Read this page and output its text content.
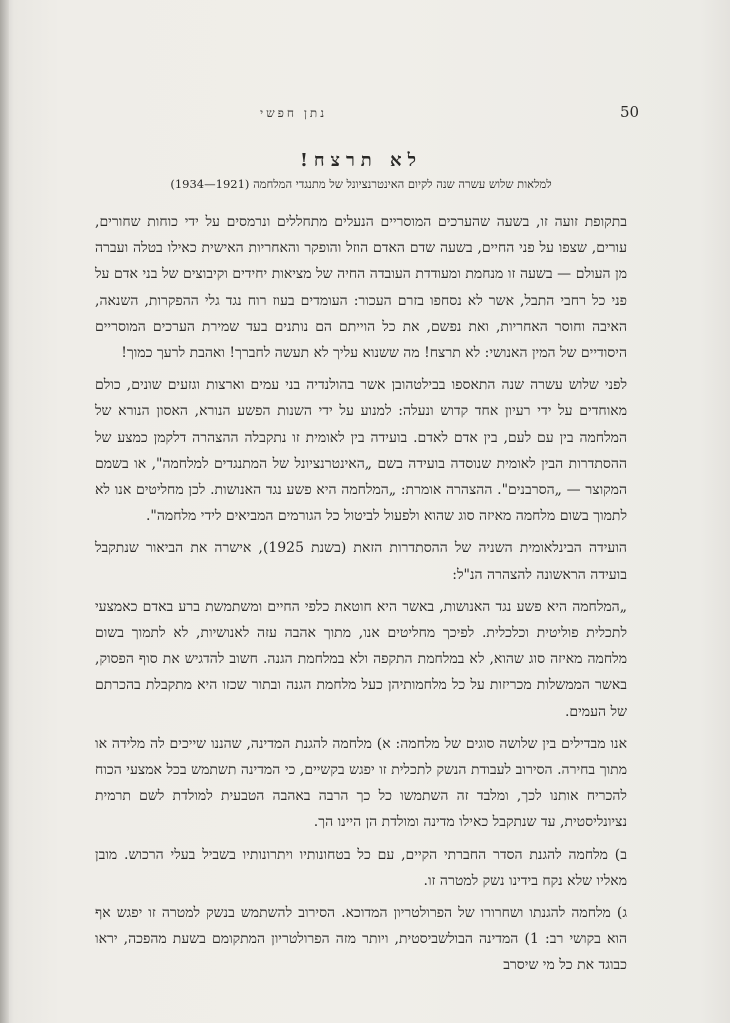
50
נתן חפשי
לא תרצח!
למלאות שלוש עשרה שנה לקיום האינטרנציונל של מתנגדי המלחמה (1921—1934)

בתקופת זועה זו, בשעה שהערכים המוסריים הנעלים מתחללים ונרמסים על ידי כוחות שחורים, עורים, שצפו על פני החיים, בשעה שדם האדם הוזל והופקר והאחריות האישית כאילו בטלה ועברה מן העולם — בשעה זו מנחמת ומעודדת העובדה החיה של מציאות יחידים וקיבוצים של בני אדם על פני כל רחבי התבל, אשר לא נסחפו בזרם העכור: העומדים בעוז רוח נגד גלי ההפקרות, השנאה, האיבה וחוסר האחריות, ואת נפשם, את כל הוייתם הם נותנים בעד שמירת הערכים המוסריים היסודיים של המין האנושי: לא תרצח! מה ששנוא עליך לא תעשה לחברך! ואהבת לרעך כמוך!

לפני שלוש עשרה שנה התאספו בבילטהובן אשר בהולנדיה בני עמים וארצות וגזעים שונים, כולם מאוחדים על ידי רעיון אחד קדוש ונעלה: למנוע על ידי השנות הפשע הנורא, האסון הנורא של המלחמה בין עם לעם, בין אדם לאדם. בועידה בין לאומית זו נתקבלה ההצהרה דלקמן כמצע של ההסתדרות הבין לאומית שנוסדה בועידה בשם „האינטרנציונל של המתנגדים למלחמה", או בשמם המקוצר — „הסרבנים". ההצהרה אומרת: „המלחמה היא פשע נגד האנושות. לכן מחליטים אנו לא לתמוך בשום מלחמה מאיזה סוג שהוא ולפעול לביטול כל הגורמים המביאים לידי מלחמה".

הועידה הבינלאומית השניה של ההסתדרות הזאת (בשנת 1925), אישרה את הביאור שנתקבל בועידה הראשונה להצהרה הנ"ל:

„המלחמה היא פשע נגד האנושות, באשר היא חוטאת כלפי החיים ומשתמשת ברע באדם כאמצעי לתכלית פוליטית וכלכלית. לפיכך מחליטים אנו, מתוך אהבה עזה לאנושיות, לא לתמוך בשום מלחמה מאיזה סוג שהוא, לא במלחמת התקפה ולא במלחמת הגנה. חשוב להדגיש את סוף הפסוק, באשר הממשלות מכריזות על כל מלחמותיהן כעל מלחמת הגנה ובתור שכזו היא מתקבלת בהכרתם של העמים.

אנו מבדילים בין שלושה סוגים של מלחמה: א) מלחמה להגנת המדינה, שהננו שייכים לה מלידה או מתוך בחירה. הסירוב לעבודת הנשק לתכלית זו יפגש בקשיים, כי המדינה תשתמש בכל אמצעי הכוח להכריח אותנו לכך, ומלבד זה השתמשו כל כך הרבה באהבה הטבעית למולדת לשם תרמית נציונליסטית, עד שנתקבל כאילו מדינה ומולדת הן היינו הך.

ב) מלחמה להגנת הסדר החברתי הקיים, עם כל בטחונותיו ויתרונותיו בשביל בעלי הרכוש. מובן מאליו שלא נקח בידינו נשק למטרה זו.

ג) מלחמה להגנתו ושחרורו של הפרולטריון המדוכא. הסירוב להשתמש בנשק למטרה זו יפגש אף הוא בקושי רב: 1) המדינה הבולשביסטית, ויותר מזה הפרולטריון המתקומם בשעת מהפכה, יראו כבוגד את כל מי שיסרב
